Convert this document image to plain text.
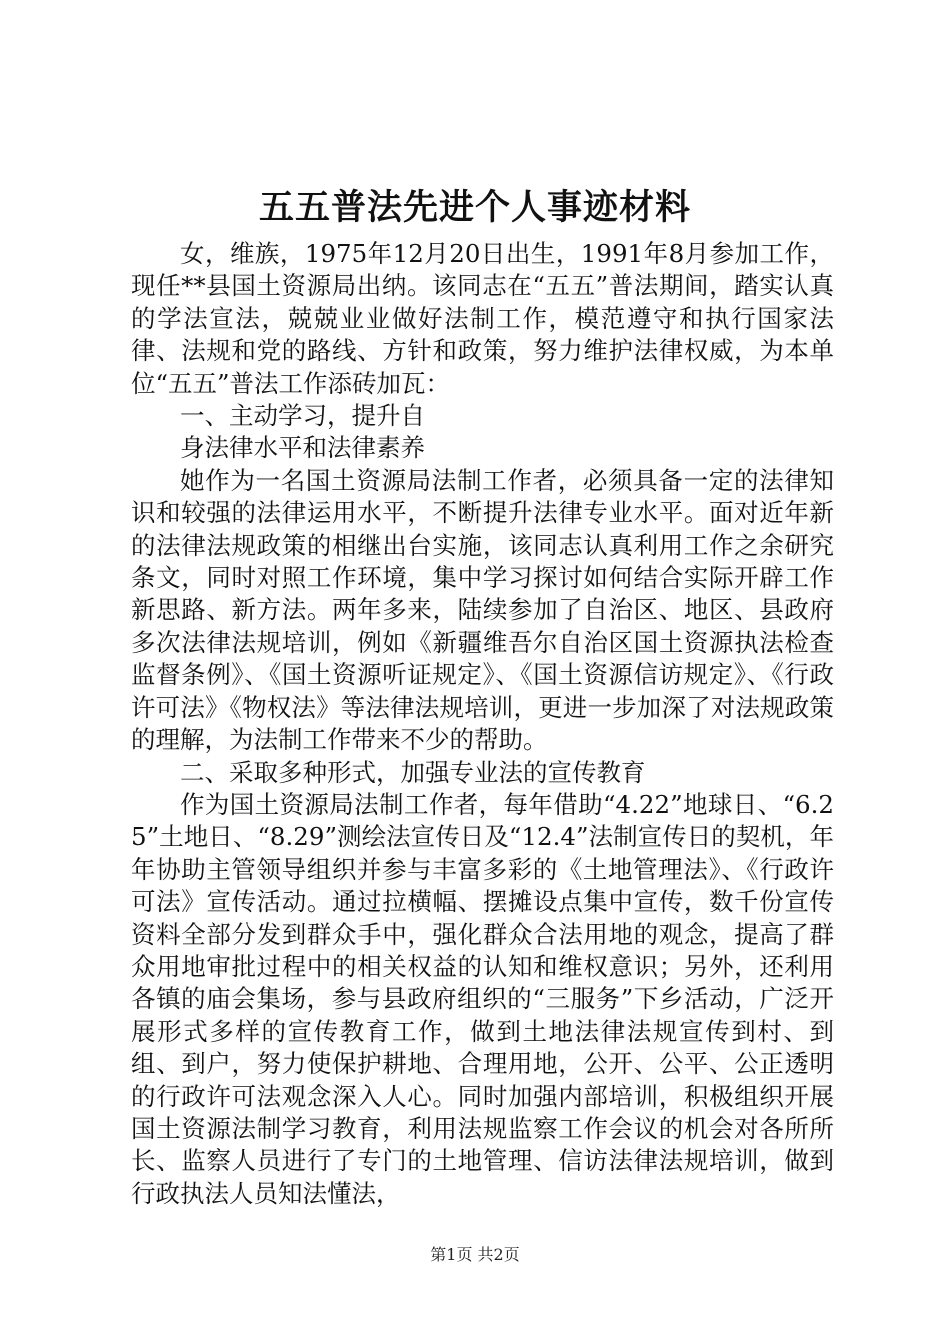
五五普法先进个人事迹材料

女，维族，1975年12月20日出生，1991年8月参加工作，现任**县国土资源局出纳。该同志在“五五”普法期间，踏实认真的学法宣法，兢兢业业做好法制工作，模范遵守和执行国家法律、法规和党的路线、方针和政策，努力维护法律权威，为本单位“五五”普法工作添砖加瓦：

一、主动学习，提升自

身法律水平和法律素养

她作为一名国土资源局法制工作者，必须具备一定的法律知识和较强的法律运用水平，不断提升法律专业水平。面对近年新的法律法规政策的相继出台实施，该同志认真利用工作之余研究条文，同时对照工作环境，集中学习探讨如何结合实际开辟工作新思路、新方法。两年多来，陆续参加了自治区、地区、县政府多次法律法规培训，例如《新疆维吾尔自治区国土资源执法检查监督条例》、《国土资源听证规定》、《国土资源信访规定》、《行政许可法》《物权法》等法律法规培训，更进一步加深了对法规政策的理解，为法制工作带来不少的帮助。

二、采取多种形式，加强专业法的宣传教育

作为国土资源局法制工作者，每年借助“4.22”地球日、“6.25”土地日、“8.29”测绘法宣传日及“12.4”法制宣传日的契机，年年协助主管领导组织并参与丰富多彩的《土地管理法》、《行政许可法》宣传活动。通过拉横幅、摆摊设点集中宣传，数千份宣传资料全部分发到群众手中，强化群众合法用地的观念，提高了群众用地审批过程中的相关权益的认知和维权意识；另外，还利用各镇的庙会集场，参与县政府组织的“三服务”下乡活动，广泛开展形式多样的宣传教育工作，做到土地法律法规宣传到村、到组、到户，努力使保护耕地、合理用地，公开、公平、公正透明的行政许可法观念深入人心。同时加强内部培训，积极组织开展国土资源法制学习教育，利用法规监察工作会议的机会对各所所长、监察人员进行了专门的土地管理、信访法律法规培训，做到行政执法人员知法懂法，

第1页 共2页
